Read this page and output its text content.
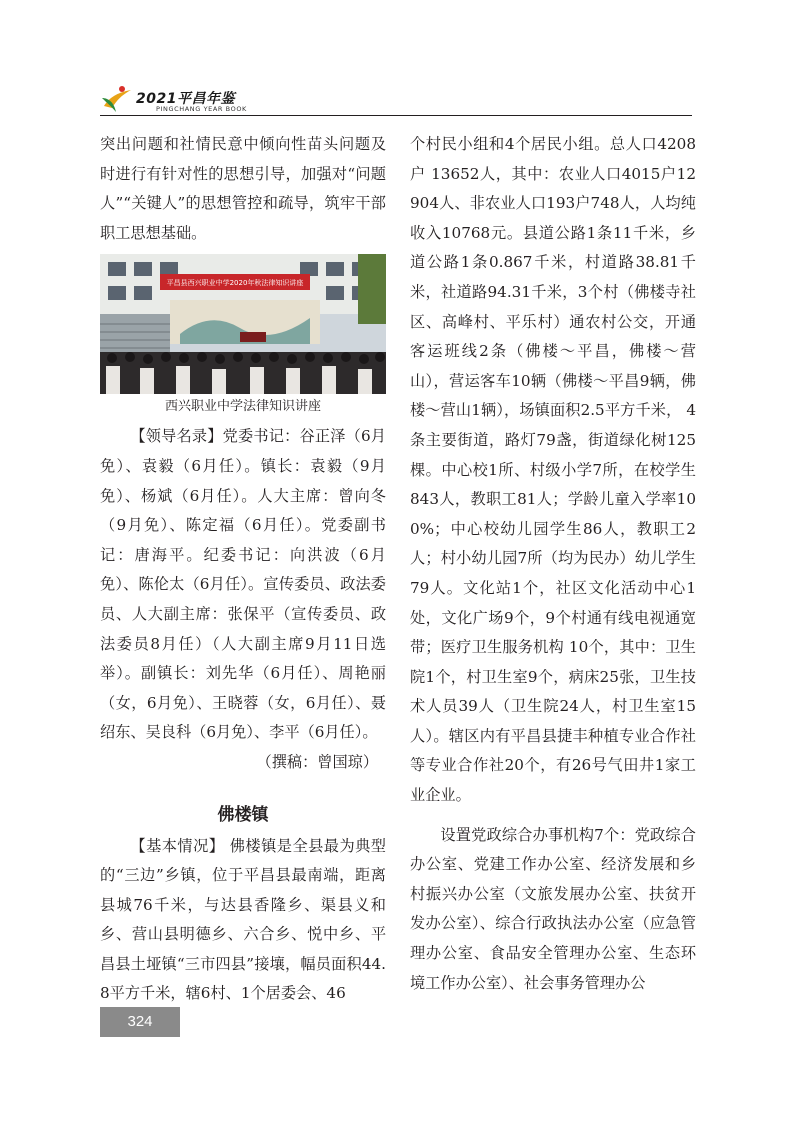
2021平昌年鉴
PINGCHANG YEAR BOOK

突出问题和社情民意中倾向性苗头问题及时进行有针对性的思想引导，加强对“问题人”“关键人”的思想管控和疏导，筑牢干部职工思想基础。

平昌县西兴职业中学2020年秋法律知识讲座

西兴职业中学法律知识讲座

【领导名录】党委书记：谷正泽（6月免）、袁毅（6月任）。镇长：袁毅（9月免）、杨斌（6月任）。人大主席：曾向冬（9月免）、陈定福（6月任）。党委副书记：唐海平。纪委书记：向洪波（6月免）、陈伦太（6月任）。宣传委员、政法委员、人大副主席：张保平（宣传委员、政法委员8月任）（人大副主席9月11日选举）。副镇长：刘先华（6月任）、周艳丽（女，6月免）、王晓蓉（女，6月任）、聂绍东、吴良科（6月免）、李平（6月任）。

（撰稿：曾国琼）

佛楼镇

【基本情况】 佛楼镇是全县最为典型的“三边”乡镇，位于平昌县最南端，距离县城76千米，与达县香隆乡、渠县义和乡、营山县明德乡、六合乡、悦中乡、平昌县土垭镇“三市四县”接壤，幅员面积44.8平方千米，辖6村、1个居委会、46

个村民小组和4个居民小组。总人口4208户 13652人，其中：农业人口4015户12904人、非农业人口193户748人，人均纯收入10768元。县道公路1条11千米，乡道公路1条0.867千米，村道路38.81千米，社道路94.31千米，3个村（佛楼寺社区、高峰村、平乐村）通农村公交，开通客运班线2条（佛楼～平昌，佛楼～营山），营运客车10辆（佛楼～平昌9辆，佛楼～营山1辆），场镇面积2.5平方千米， 4条主要街道，路灯79盏，街道绿化树125棵。中心校1所、村级小学7所，在校学生843人，教职工81人；学龄儿童入学率100%；中心校幼儿园学生86人，教职工2人；村小幼儿园7所（均为民办）幼儿学生79人。文化站1个，社区文化活动中心1处，文化广场9个，9个村通有线电视通宽带；医疗卫生服务机构 10个，其中：卫生院1个，村卫生室9个，病床25张，卫生技术人员39人（卫生院24人，村卫生室15人）。辖区内有平昌县捷丰种植专业合作社等专业合作社20个，有26号气田井1家工业企业。

设置党政综合办事机构7个：党政综合办公室、党建工作办公室、经济发展和乡村振兴办公室（文旅发展办公室、扶贫开发办公室）、综合行政执法办公室（应急管理办公室、食品安全管理办公室、生态环境工作办公室）、社会事务管理办公

324
